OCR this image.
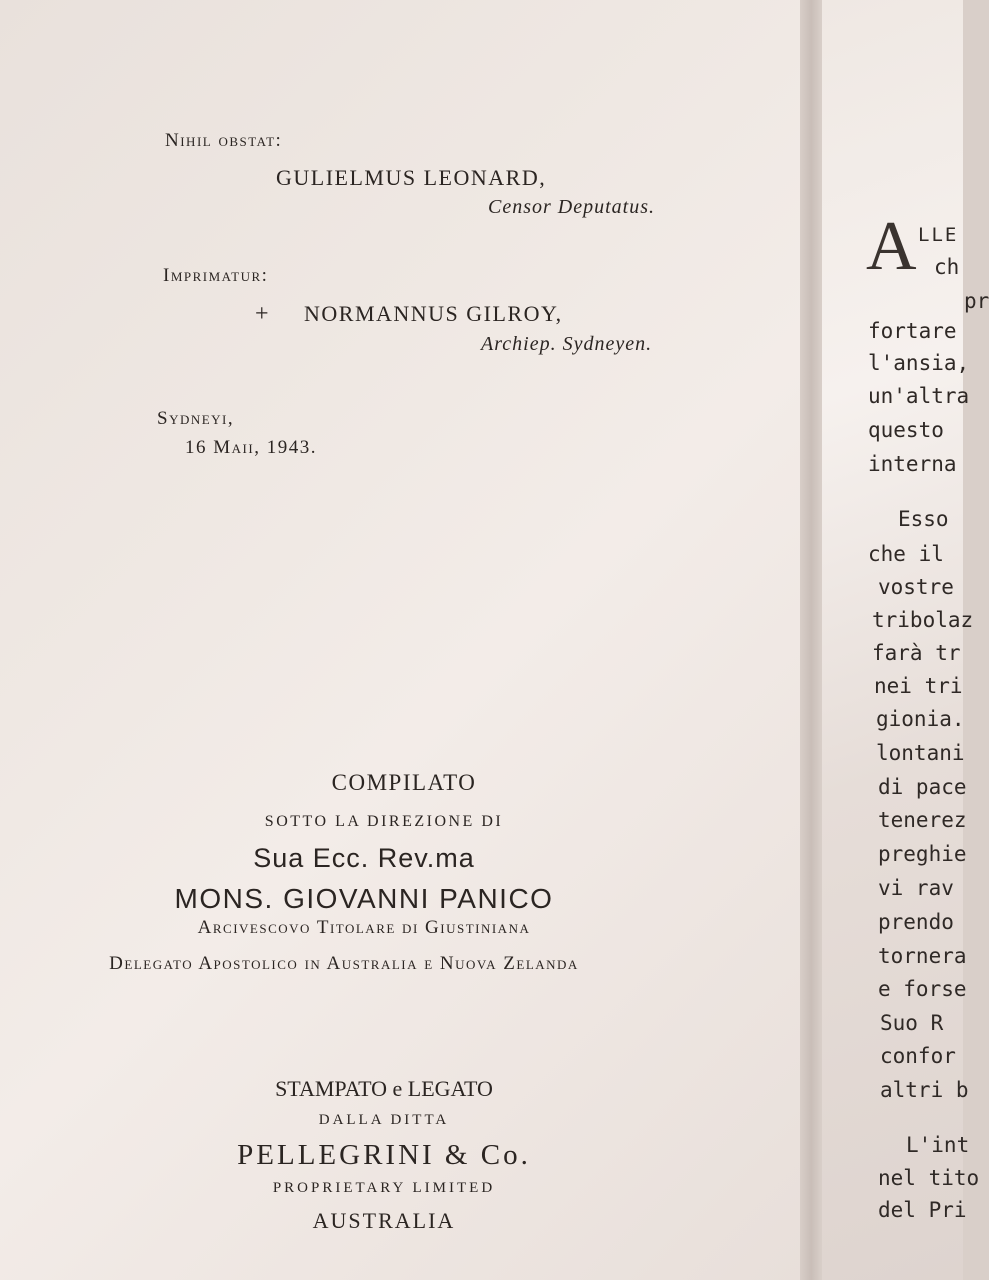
Nihil obstat:
GULIELMUS LEONARD,
Censor Deputatus.
Imprimatur:
+ NORMANNUS GILROY,
Archiep. Sydneyen.
Sydneyi,
16 Maii, 1943.
COMPILATO
SOTTO LA DIREZIONE DI
Sua Ecc. Rev.ma
MONS. GIOVANNI PANICO
Arcivescovo Titolare di Giustiniana
Delegato Apostolico in Australia e Nuova Zelanda
STAMPATO e LEGATO
DALLA DITTA
PELLEGRINI & Co.
PROPRIETARY LIMITED
AUSTRALIA
A LLE
ch
pr
fortare
l'ansia,
un'altra
questo
interna
Esso
che il
vostre
tribolaz
farà tr
nei tri
gionia.
lontani
di pace
tenerez
preghie
vi rav
prendo
tornera
e forse
Suo R
confor
altri b
L'int
nel tito
del Pri
